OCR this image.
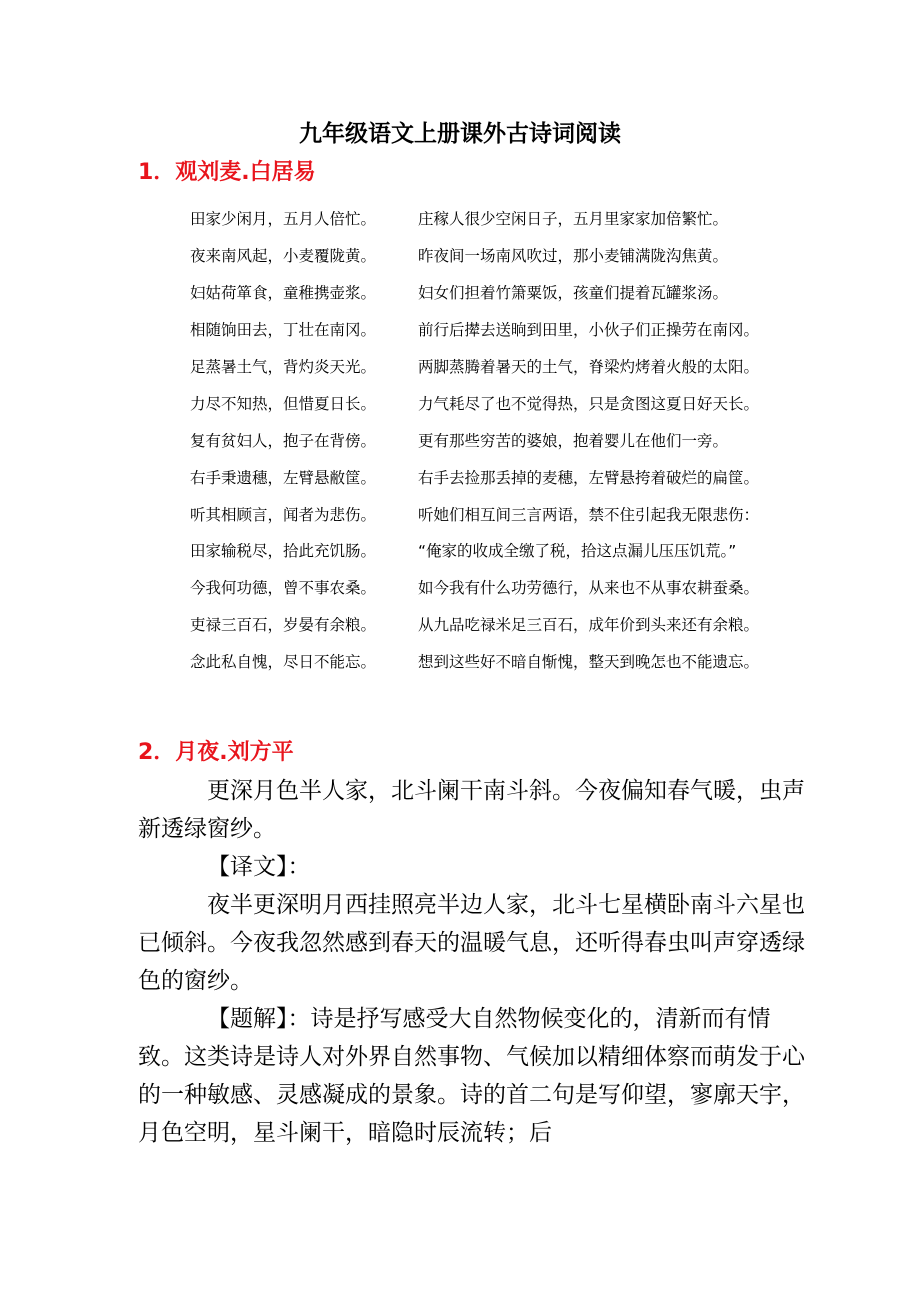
九年级语文上册课外古诗词阅读
1．观刘麦.白居易
田家少闲月，五月人倍忙。	庄稼人很少空闲日子，五月里家家加倍繁忙。
夜来南风起，小麦覆陇黄。	昨夜间一场南风吹过，那小麦铺满陇沟焦黄。
妇姑荷箪食，童稚携壶浆。	妇女们担着竹箫粟饭，孩童们提着瓦罐浆汤。
相随饷田去，丁壮在南冈。	前行后撵去送晌到田里，小伙子们正操劳在南冈。
足蒸暑土气，背灼炎天光。	两脚蒸腾着暑天的土气，脊梁灼烤着火般的太阳。
力尽不知热，但惜夏日长。	力气耗尽了也不觉得热，只是贪图这夏日好天长。
复有贫妇人，抱子在背傍。	更有那些穷苦的婆娘，抱着婴儿在他们一旁。
右手秉遗穗，左臂悬敝筐。	右手去捡那丢掉的麦穗，左臂悬挎着破烂的扁筐。
听其相顾言，闻者为悲伤。	听她们相互间三言两语，禁不住引起我无限悲伤：
田家输税尽，拾此充饥肠。	“俺家的收成全缴了税，拾这点漏儿压压饥荒。”
今我何功德，曾不事农桑。	如今我有什么功劳德行，从来也不从事农耕蚕桑。
吏禄三百石，岁晏有余粮。	从九品吃禄米足三百石，成年价到头来还有余粮。
念此私自愧，尽日不能忘。	想到这些好不暗自惭愧，整天到晚怎也不能遗忘。
2．月夜.刘方平

更深月色半人家，北斗阑干南斗斜。今夜偏知春气暖，虫声新透绿窗纱。

【译文】：

夜半更深明月西挂照亮半边人家，北斗七星横卧南斗六星也已倾斜。今夜我忽然感到春天的温暖气息，还听得春虫叫声穿透绿色的窗纱。

【题解】：诗是抒写感受大自然物候变化的，清新而有情致。这类诗是诗人对外界自然事物、气候加以精细体察而萌发于心的一种敏感、灵感凝成的景象。诗的首二句是写仰望，寥廓天宇，月色空明，星斗阑干，暗隐时辰流转；后
